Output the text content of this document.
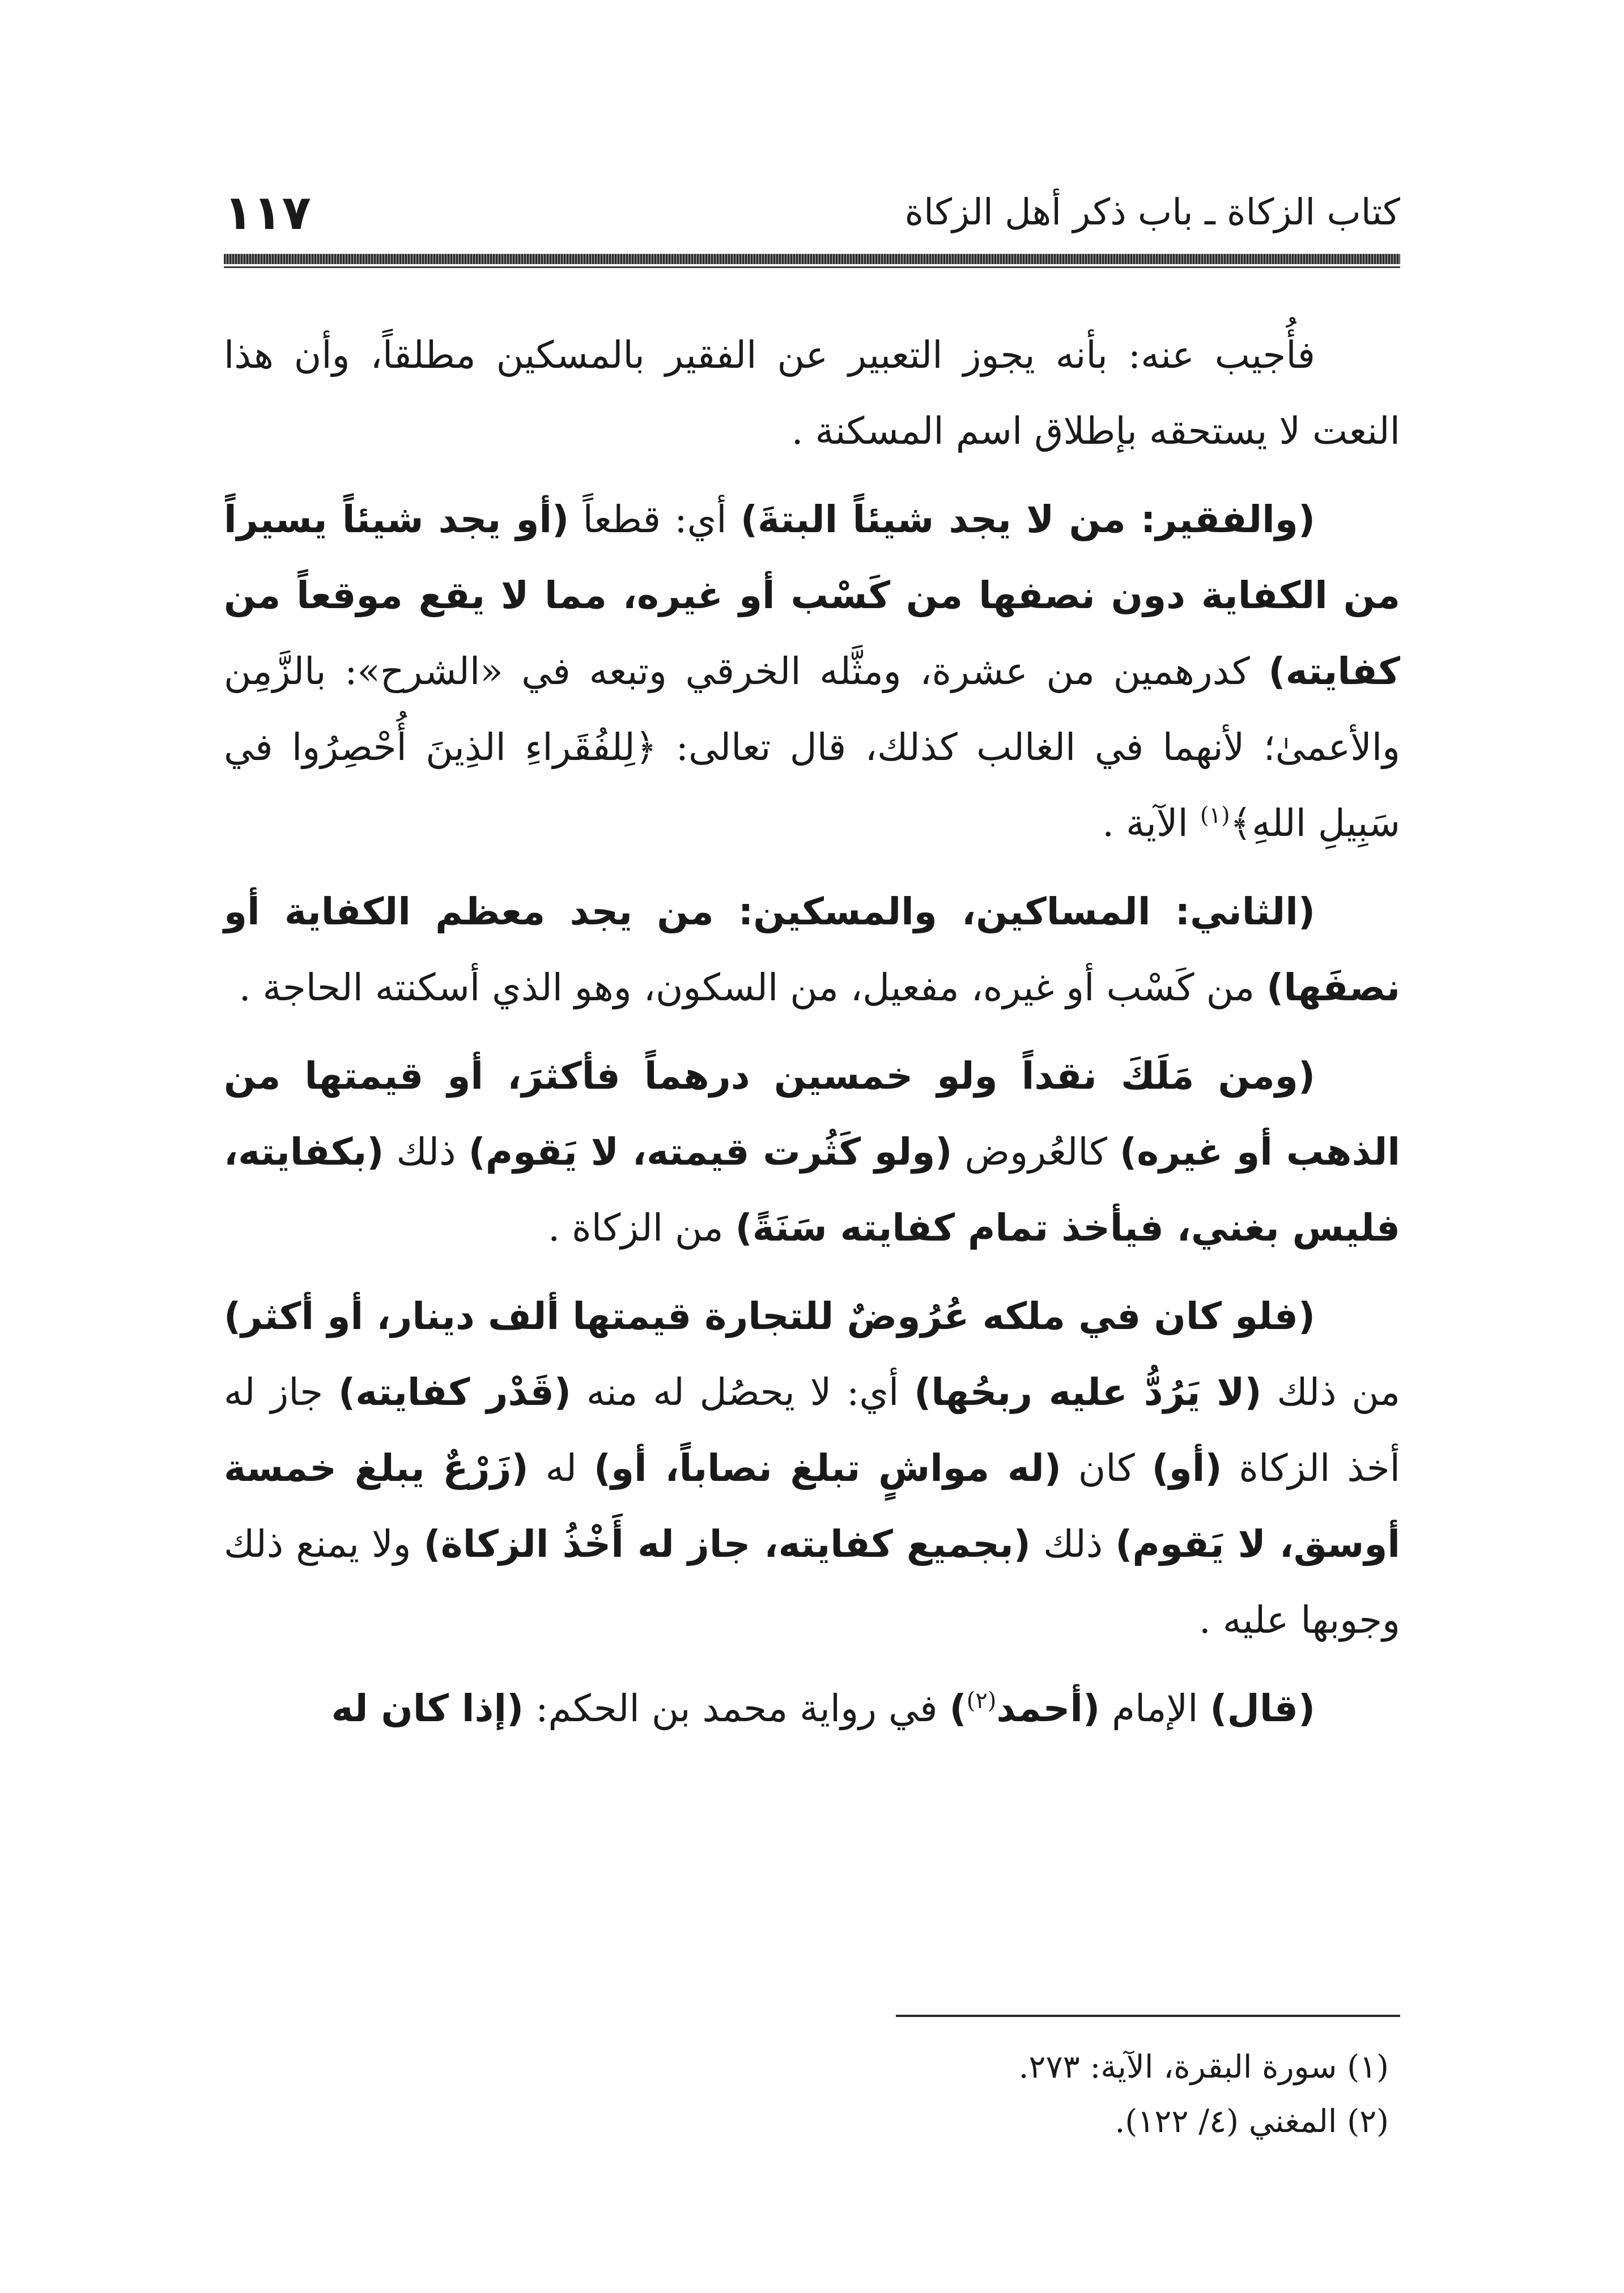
كتاب الزكاة ـ باب ذكر أهل الزكاة
١١٧

فأُجيب عنه: بأنه يجوز التعبير عن الفقير بالمسكين مطلقاً، وأن هذا النعت لا يستحقه بإطلاق اسم المسكنة .

(والفقير: من لا يجد شيئاً البتةَ) أي: قطعاً (أو يجد شيئاً يسيراً من الكفاية دون نصفها من كَسْب أو غيره، مما لا يقع موقعاً من كفايته) كدرهمين من عشرة، ومثَّله الخرقي وتبعه في «الشرح»: بالزَّمِن والأعمىٰ؛ لأنهما في الغالب كذلك، قال تعالى: ﴿لِلفُقَراءِ الذِينَ أُحْصِرُوا في سَبِيلِ اللهِ﴾$^{(١)}$ الآية .

(الثاني: المساكين، والمسكين: من يجد معظم الكفاية أو نصفَها) من كَسْب أو غيره، مفعيل، من السكون، وهو الذي أسكنته الحاجة .

(ومن مَلَكَ نقداً ولو خمسين درهماً فأكثرَ، أو قيمتها من الذهب أو غيره) كالعُروض (ولو كَثُرت قيمته، لا يَقوم) ذلك (بكفايته، فليس بغني، فيأخذ تمام كفايته سَنَةً) من الزكاة .

(فلو كان في ملكه عُرُوضٌ للتجارة قيمتها ألف دينار، أو أكثر) من ذلك (لا يَرُدُّ عليه ربحُها) أي: لا يحصُل له منه (قَدْر كفايته) جاز له أخذ الزكاة (أو) كان (له مواشٍ تبلغ نصاباً، أو) له (زَرْعٌ يبلغ خمسة أوسق، لا يَقوم) ذلك (بجميع كفايته، جاز له أَخْذُ الزكاة) ولا يمنع ذلك وجوبها عليه .

(قال) الإمام (أحمد$^{(٢)}$) في رواية محمد بن الحكم: (إذا كان له

(١) سورة البقرة، الآية: ٢٧٣.

(٢) المغني (٤/ ١٢٢).
